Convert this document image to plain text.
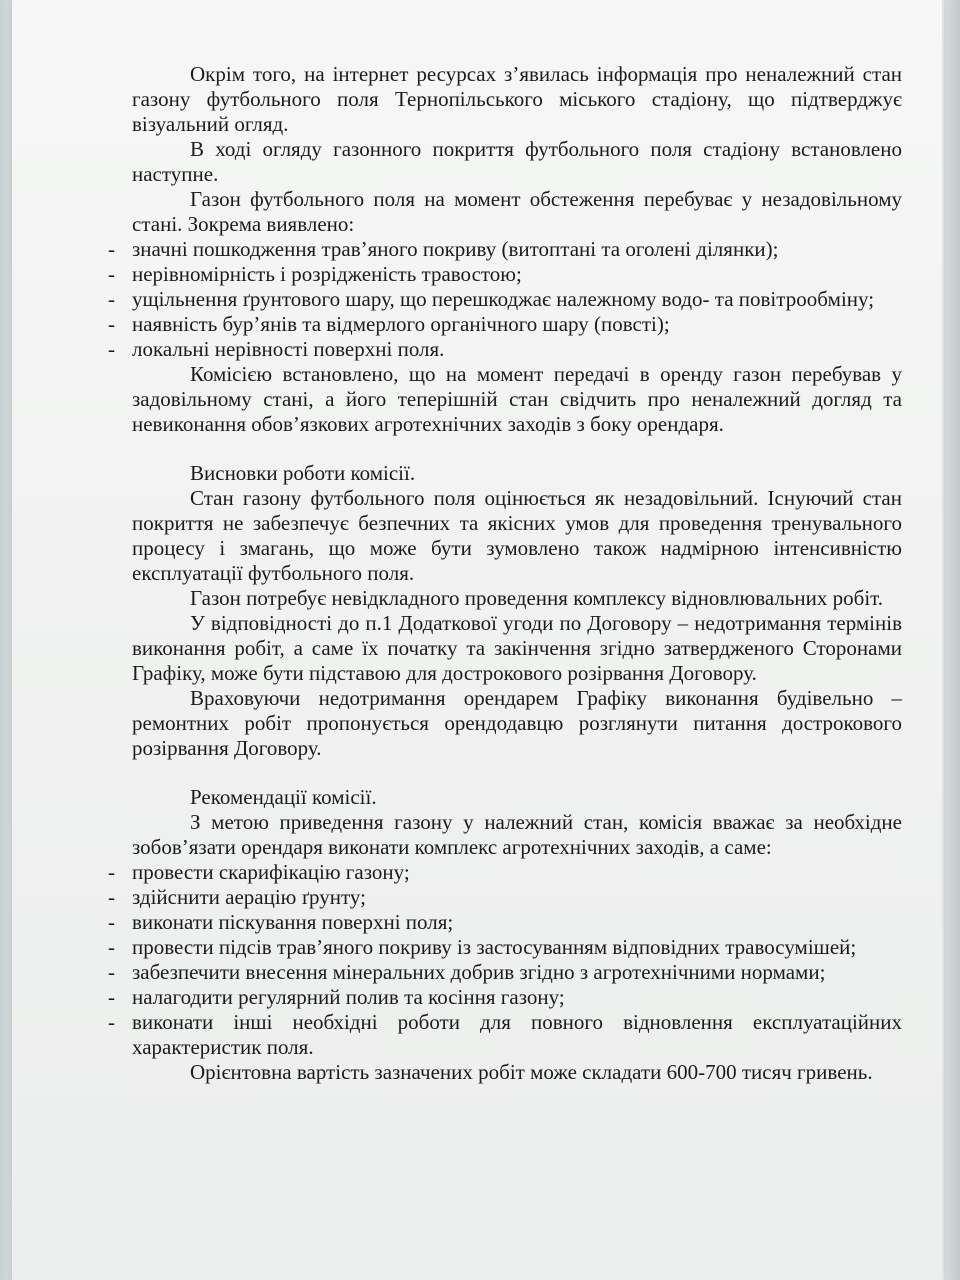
Окрім того, на інтернет ресурсах з’явилась інформація про неналежний стан газону футбольного поля Тернопільського міського стадіону, що підтверджує візуальний огляд.

В ході огляду газонного покриття футбольного поля стадіону встановлено наступне.

Газон футбольного поля на момент обстеження перебуває у незадовільному стані. Зокрема виявлено:

- значні пошкодження трав’яного покриву (витоптані та оголені ділянки);
- нерівномірність і розрідженість травостою;
- ущільнення ґрунтового шару, що перешкоджає належному водо- та повітрообміну;
- наявність бур’янів та відмерлого органічного шару (повсті);
- локальні нерівності поверхні поля.

Комісією встановлено, що на момент передачі в оренду газон перебував у задовільному стані, а його теперішній стан свідчить про неналежний догляд та невиконання обов’язкових агротехнічних заходів з боку орендаря.

Висновки роботи комісії.

Стан газону футбольного поля оцінюється як незадовільний. Існуючий стан покриття не забезпечує безпечних та якісних умов для проведення тренувального процесу і змагань, що може бути зумовлено також надмірною інтенсивністю експлуатації футбольного поля.

Газон потребує невідкладного проведення комплексу відновлювальних робіт.

У відповідності до п.1 Додаткової угоди по Договору – недотримання термінів виконання робіт, а саме їх початку та закінчення згідно затвердженого Сторонами Графіку, може бути підставою для дострокового розірвання Договору.

Враховуючи недотримання орендарем Графіку виконання будівельно – ремонтних робіт пропонується орендодавцю розглянути питання дострокового розірвання Договору.

Рекомендації комісії.

З метою приведення газону у належний стан, комісія вважає за необхідне зобов’язати орендаря виконати комплекс агротехнічних заходів, а саме:

- провести скарифікацію газону;
- здійснити аерацію ґрунту;
- виконати піскування поверхні поля;
- провести підсів трав’яного покриву із застосуванням відповідних травосумішей;
- забезпечити внесення мінеральних добрив згідно з агротехнічними нормами;
- налагодити регулярний полив та косіння газону;
- виконати інші необхідні роботи для повного відновлення експлуатаційних характеристик поля.

Орієнтовна вартість зазначених робіт може складати 600-700 тисяч гривень.
